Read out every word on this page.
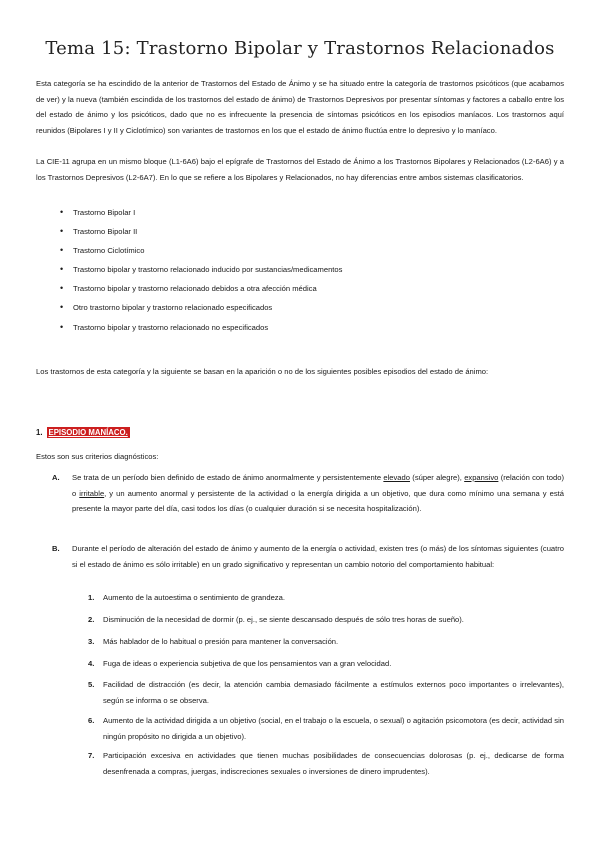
Tema 15: Trastorno Bipolar y Trastornos Relacionados

Esta categoría se ha escindido de la anterior de Trastornos del Estado de Ánimo y se ha situado entre la categoría de trastornos psicóticos (que acabamos de ver) y la nueva (también escindida de los trastornos del estado de ánimo) de Trastornos Depresivos por presentar síntomas y factores a caballo entre los del estado de ánimo y los psicóticos, dado que no es infrecuente la presencia de síntomas psicóticos en los episodios maníacos. Los trastornos aquí reunidos (Bipolares I y II y Ciclotímico) son variantes de trastornos en los que el estado de ánimo fluctúa entre lo depresivo y lo maníaco.

La CIE-11 agrupa en un mismo bloque (L1-6A6) bajo el epígrafe de Trastornos del Estado de Ánimo a los Trastornos Bipolares y Relacionados (L2-6A6) y a los Trastornos Depresivos (L2-6A7). En lo que se refiere a los Bipolares y Relacionados, no hay diferencias entre ambos sistemas clasificatorios.

• Trastorno Bipolar I
• Trastorno Bipolar II
• Trastorno Ciclotímico
• Trastorno bipolar y trastorno relacionado inducido por sustancias/medicamentos
• Trastorno bipolar y trastorno relacionado debidos a otra afección médica
• Otro trastorno bipolar y trastorno relacionado especificados
• Trastorno bipolar y trastorno relacionado no especificados

Los trastornos de esta categoría y la siguiente se basan en la aparición o no de los siguientes posibles episodios del estado de ánimo:

1. EPISODIO MANÍACO.

Estos son sus criterios diagnósticos:

A. Se trata de un período bien definido de estado de ánimo anormalmente y persistentemente elevado (súper alegre), expansivo (relación con todo) o irritable, y un aumento anormal y persistente de la actividad o la energía dirigida a un objetivo, que dura como mínimo una semana y está presente la mayor parte del día, casi todos los días (o cualquier duración si se necesita hospitalización).

B. Durante el período de alteración del estado de ánimo y aumento de la energía o actividad, existen tres (o más) de los síntomas siguientes (cuatro si el estado de ánimo es sólo irritable) en un grado significativo y representan un cambio notorio del comportamiento habitual:

1. Aumento de la autoestima o sentimiento de grandeza.

2. Disminución de la necesidad de dormir (p. ej., se siente descansado después de sólo tres horas de sueño).

3. Más hablador de lo habitual o presión para mantener la conversación.

4. Fuga de ideas o experiencia subjetiva de que los pensamientos van a gran velocidad.

5. Facilidad de distracción (es decir, la atención cambia demasiado fácilmente a estímulos externos poco importantes o irrelevantes), según se informa o se observa.

6. Aumento de la actividad dirigida a un objetivo (social, en el trabajo o la escuela, o sexual) o agitación psicomotora (es decir, actividad sin ningún propósito no dirigida a un objetivo).

7. Participación excesiva en actividades que tienen muchas posibilidades de consecuencias dolorosas (p. ej., dedicarse de forma desenfrenada a compras, juergas, indiscreciones sexuales o inversiones de dinero imprudentes).
